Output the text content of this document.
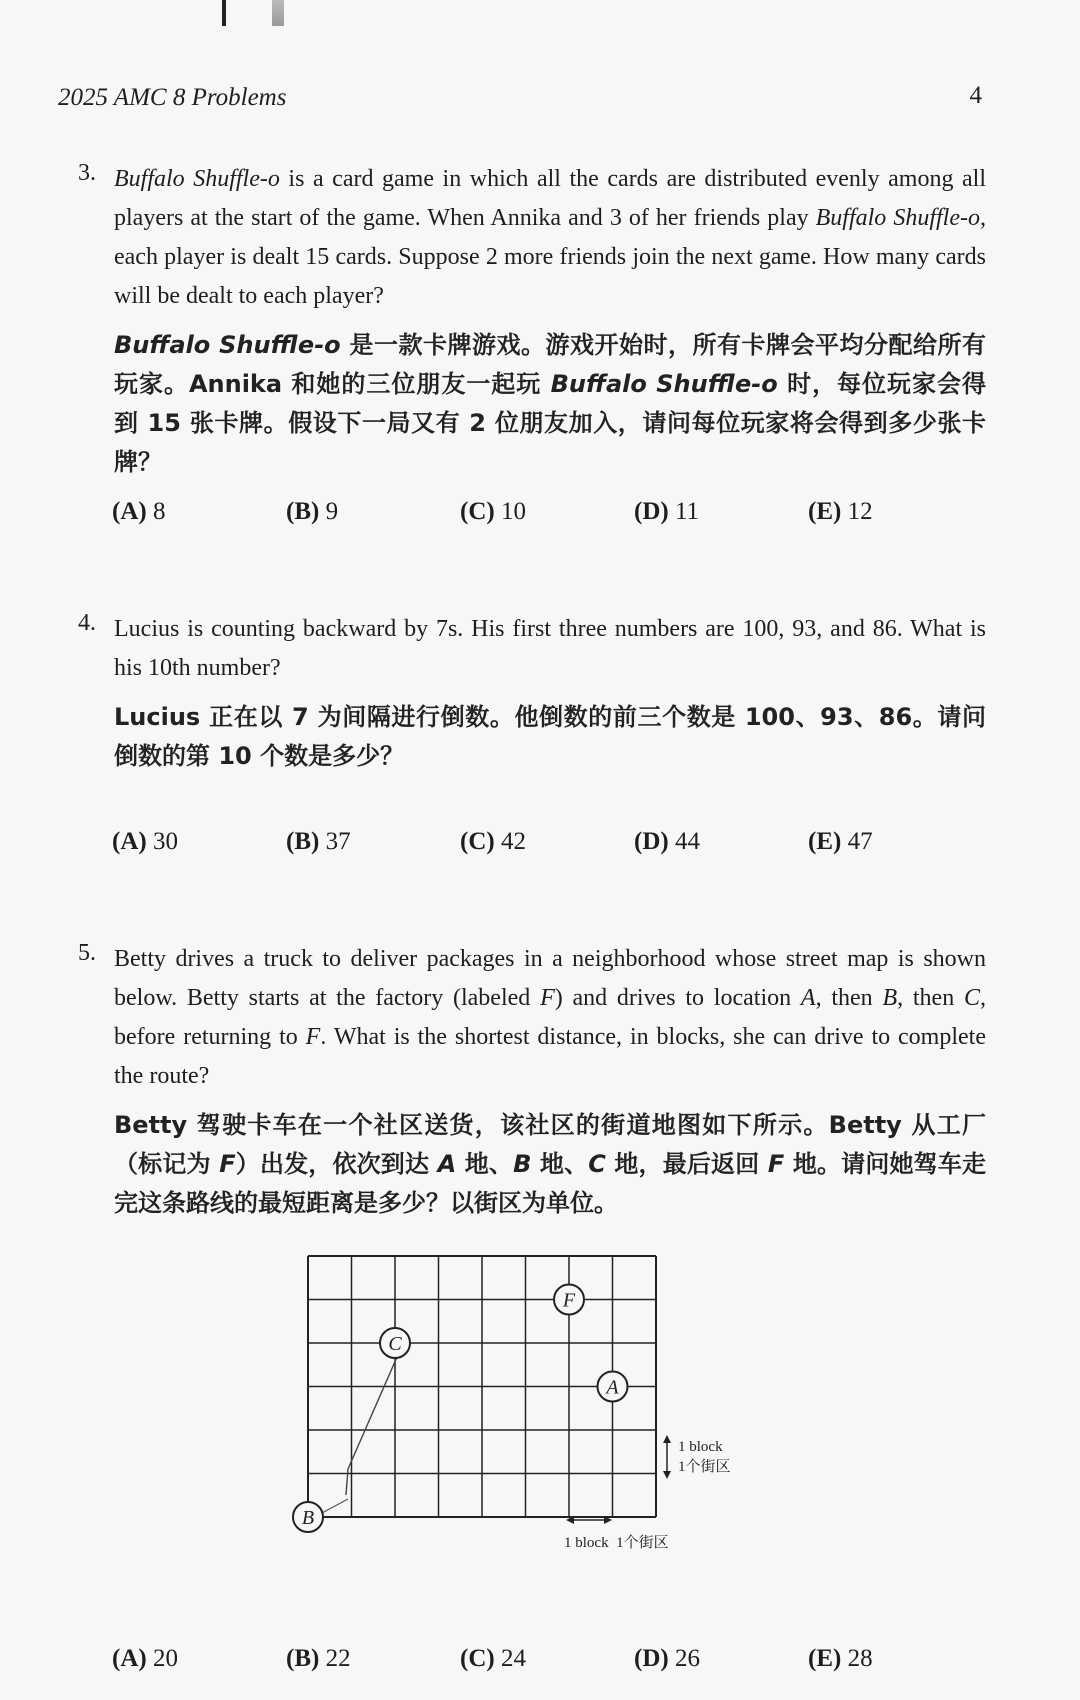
2025 AMC 8 Problems	4
3. Buffalo Shuffle-o is a card game in which all the cards are distributed evenly among all players at the start of the game. When Annika and 3 of her friends play Buffalo Shuffle-o, each player is dealt 15 cards. Suppose 2 more friends join the next game. How many cards will be dealt to each player?
Buffalo Shuffle-o 是一款卡牌游戏。游戏开始时，所有卡牌会平均分配给所有玩家。Annika 和她的三位朋友一起玩 Buffalo Shuffle-o 时，每位玩家会得到 15 张卡牌。假设下一局又有 2 位朋友加入，请问每位玩家将会得到多少张卡牌？
(A) 8	(B) 9	(C) 10	(D) 11	(E) 12
4. Lucius is counting backward by 7s. His first three numbers are 100, 93, and 86. What is his 10th number?
Lucius 正在以 7 为间隔进行倒数。他倒数的前三个数是 100、93、86。请问倒数的第 10 个数是多少？
(A) 30	(B) 37	(C) 42	(D) 44	(E) 47
5. Betty drives a truck to deliver packages in a neighborhood whose street map is shown below. Betty starts at the factory (labeled F) and drives to location A, then B, then C, before returning to F. What is the shortest distance, in blocks, she can drive to complete the route?
Betty 驾驶卡车在一个社区送货，该社区的街道地图如下所示。Betty 从工厂（标记为 F）出发，依次到达 A 地、B 地、C 地，最后返回 F 地。请问她驾车走完这条路线的最短距离是多少？以街区为单位。
F
C
A
B
1 block
1个街区
1 block  1个街区
(A) 20	(B) 22	(C) 24	(D) 26	(E) 28
